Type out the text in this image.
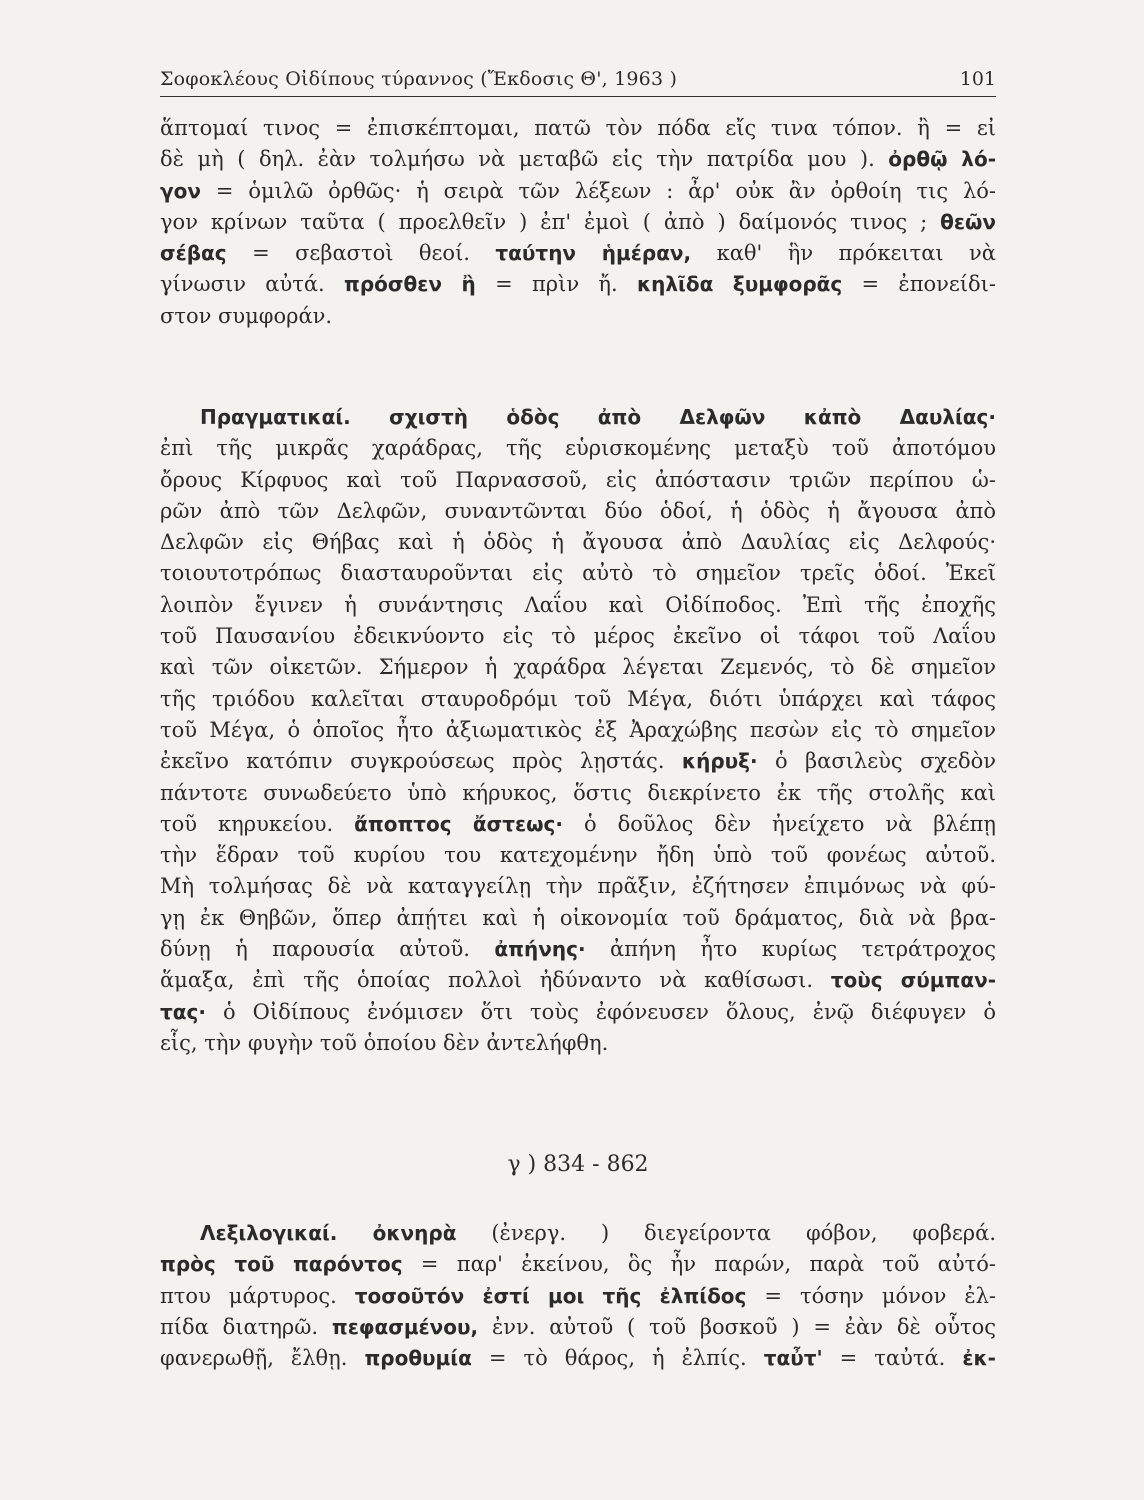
Σοφοκλέους Οἰδίπους τύραννος (Ἔκδοσις Θ', 1963 )	101
ἅπτομαί τινος = ἐπισκέπτομαι, πατῶ τὸν πόδα εἴς τινα τόπον. ἢ = εἰ
δὲ μὴ ( δηλ. ἐὰν τολμήσω νὰ μεταβῶ εἰς τὴν πατρίδα μου ). ὀρθῷ λό-
γον = ὁμιλῶ ὀρθῶς· ἡ σειρὰ τῶν λέξεων : ἆρ' οὐκ ἂν ὀρθοίη τις λό-
γον κρίνων ταῦτα ( προελθεῖν ) ἐπ' ἐμοὶ ( ἀπὸ ) δαίμονός τινος ; θεῶν
σέβας = σεβαστοὶ θεοί. ταύτην ἡμέραν, καθ' ἣν πρόκειται νὰ
γίνωσιν αὐτά. πρόσθεν ἢ = πρὶν ἤ. κηλῖδα ξυμφορᾶς = ἐπονείδι-
στον συμφοράν.
Πραγματικαί. σχιστὴ ὁδὸς ἀπὸ Δελφῶν κἀπὸ Δαυλίας·
ἐπὶ τῆς μικρᾶς χαράδρας, τῆς εὑρισκομένης μεταξὺ τοῦ ἀποτόμου
ὄρους Κίρφυος καὶ τοῦ Παρνασσοῦ, εἰς ἀπόστασιν τριῶν περίπου ὡ-
ρῶν ἀπὸ τῶν Δελφῶν, συναντῶνται δύο ὁδοί, ἡ ὁδὸς ἡ ἄγουσα ἀπὸ
Δελφῶν εἰς Θήβας καὶ ἡ ὁδὸς ἡ ἄγουσα ἀπὸ Δαυλίας εἰς Δελφούς·
τοιουτοτρόπως διασταυροῦνται εἰς αὐτὸ τὸ σημεῖον τρεῖς ὁδοί. Ἐκεῖ
λοιπὸν ἔγινεν ἡ συνάντησις Λαΐου καὶ Οἰδίποδος. Ἐπὶ τῆς ἐποχῆς
τοῦ Παυσανίου ἐδεικνύοντο εἰς τὸ μέρος ἐκεῖνο οἱ τάφοι τοῦ Λαΐου
καὶ τῶν οἰκετῶν. Σήμερον ἡ χαράδρα λέγεται Ζεμενός, τὸ δὲ σημεῖον
τῆς τριόδου καλεῖται σταυροδρόμι τοῦ Μέγα, διότι ὑπάρχει καὶ τάφος
τοῦ Μέγα, ὁ ὁποῖος ἦτο ἀξιωματικὸς ἐξ Ἀραχώβης πεσὼν εἰς τὸ σημεῖον
ἐκεῖνο κατόπιν συγκρούσεως πρὸς λῃστάς. κήρυξ· ὁ βασιλεὺς σχεδὸν
πάντοτε συνωδεύετο ὑπὸ κήρυκος, ὅστις διεκρίνετο ἐκ τῆς στολῆς καὶ
τοῦ κηρυκείου. ἄποπτος ἄστεως· ὁ δοῦλος δὲν ἠνείχετο νὰ βλέπῃ
τὴν ἕδραν τοῦ κυρίου του κατεχομένην ἤδη ὑπὸ τοῦ φονέως αὐτοῦ.
Μὴ τολμήσας δὲ νὰ καταγγείλῃ τὴν πρᾶξιν, ἐζήτησεν ἐπιμόνως νὰ φύ-
γῃ ἐκ Θηβῶν, ὅπερ ἀπῄτει καὶ ἡ οἰκονομία τοῦ δράματος, διὰ νὰ βρα-
δύνῃ ἡ παρουσία αὐτοῦ. ἀπήνης· ἀπήνη ἦτο κυρίως τετράτροχος
ἅμαξα, ἐπὶ τῆς ὁποίας πολλοὶ ἠδύναντο νὰ καθίσωσι. τοὺς σύμπαν-
τας· ὁ Οἰδίπους ἐνόμισεν ὅτι τοὺς ἐφόνευσεν ὅλους, ἐνῷ διέφυγεν ὁ
εἷς, τὴν φυγὴν τοῦ ὁποίου δὲν ἀντελήφθη.
γ ) 834 - 862
Λεξιλογικαί. ὀκνηρὰ (ἐνεργ. ) διεγείροντα φόβον, φοβερά.
πρὸς τοῦ παρόντος = παρ' ἐκείνου, ὃς ἦν παρών, παρὰ τοῦ αὐτό-
πτου μάρτυρος. τοσοῦτόν ἐστί μοι τῆς ἐλπίδος = τόσην μόνον ἐλ-
πίδα διατηρῶ. πεφασμένου, ἐνν. αὐτοῦ ( τοῦ βοσκοῦ ) = ἐὰν δὲ οὗτος
φανερωθῇ, ἔλθῃ. προθυμία = τὸ θάρος, ἡ ἐλπίς. ταὖτ' = ταὐτά. ἐκ-
